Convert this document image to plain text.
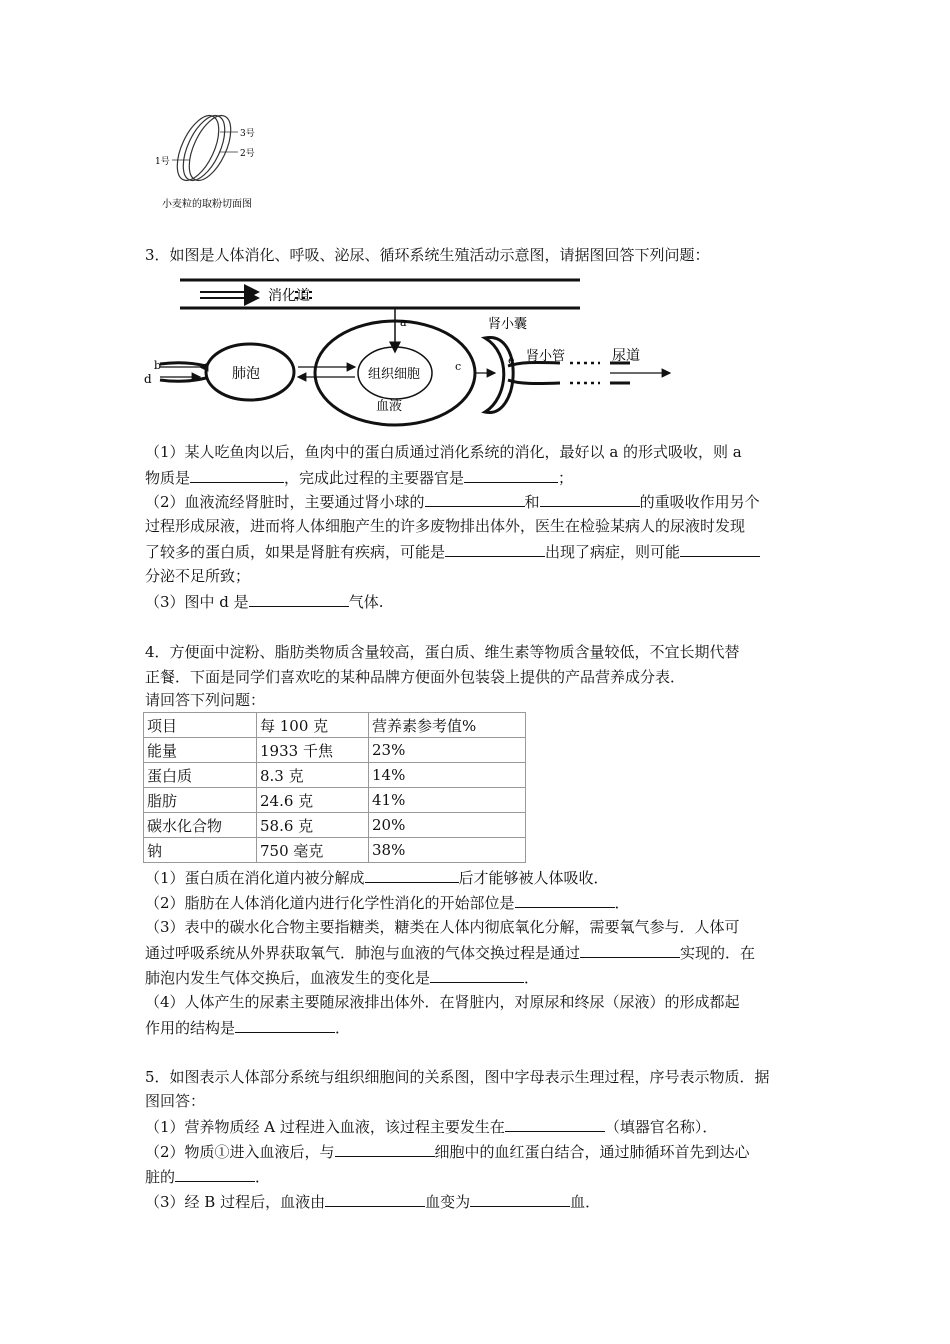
3号
2号
1号
小麦粒的取粉切面图
3．如图是人体消化、呼吸、泌尿、循环系统生殖活动示意图，请据图回答下列问题：
消化道
a	肾小囊
b
d	肺泡	组织细胞
c	e 肾小管	尿道
血液
（1）某人吃鱼肉以后，鱼肉中的蛋白质通过消化系统的消化，最好以 a 的形式吸收，则 a
物质是	，完成此过程的主要器官是	；
（2）血液流经肾脏时，主要通过肾小球的	和	的重吸收作用另个
过程形成尿液，进而将人体细胞产生的许多废物排出体外，医生在检验某病人的尿液时发现
了较多的蛋白质，如果是肾脏有疾病，可能是	出现了病症，则可能
分泌不足所致；
（3）图中 d 是	气体.
4．方便面中淀粉、脂肪类物质含量较高，蛋白质、维生素等物质含量较低，不宜长期代替
正餐．下面是同学们喜欢吃的某种品牌方便面外包装袋上提供的产品营养成分表．
请回答下列问题：
项目	每 100 克	营养素参考值%
能量	1933 千焦	23%
蛋白质	8.3 克	14%
脂肪	24.6 克	41%
碳水化合物	58.6 克	20%
钠	750 毫克	38%
（1）蛋白质在消化道内被分解成	后才能够被人体吸收．
（2）脂肪在人体消化道内进行化学性消化的开始部位是	．
（3）表中的碳水化合物主要指糖类，糖类在人体内彻底氧化分解，需要氧气参与．人体可
通过呼吸系统从外界获取氧气．肺泡与血液的气体交换过程是通过	实现的．在
肺泡内发生气体交换后，血液发生的变化是	．
（4）人体产生的尿素主要随尿液排出体外．在肾脏内，对原尿和终尿（尿液）的形成都起
作用的结构是	．
5．如图表示人体部分系统与组织细胞间的关系图，图中字母表示生理过程，序号表示物质．据
图回答：
（1）营养物质经 A 过程进入血液，该过程主要发生在	（填器官名称）．
（2）物质①进入血液后，与	细胞中的血红蛋白结合，通过肺循环首先到达心
脏的	．
（3）经 B 过程后，血液由	血变为	血．
